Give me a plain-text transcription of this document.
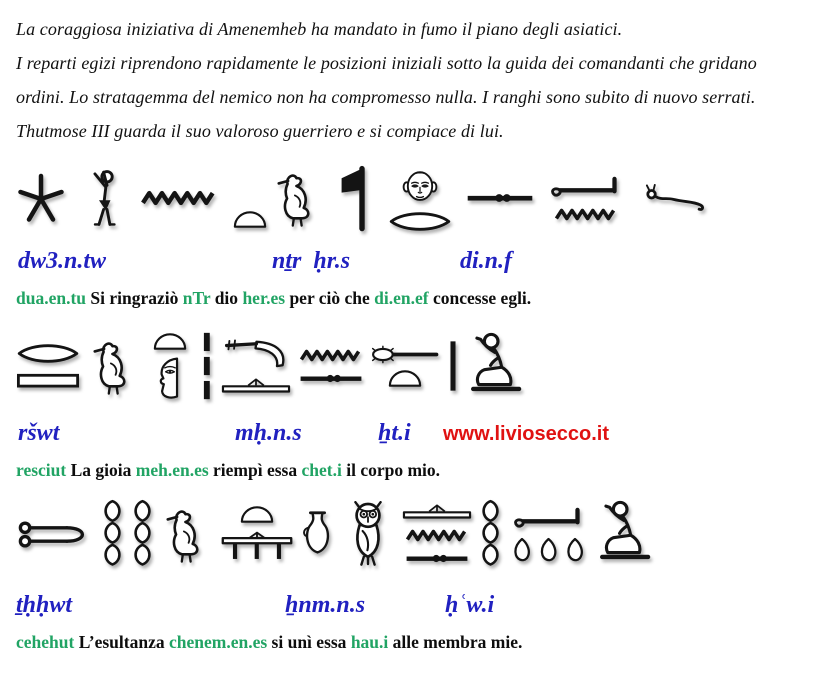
La coraggiosa iniziativa di Amenemheb ha mandato in fumo il piano degli asiatici.

I reparti egizi riprendono rapidamente le posizioni iniziali sotto la guida dei comandanti che gridano

ordini. Lo stratagemma del nemico non ha compromesso nulla. I ranghi sono subito di nuovo serrati.

Thutmose III guarda il suo valoroso guerriero e si compiace di lui.

dw3.n.tw	nṯr  ḥr.s	di.n.f

dua.en.tu Si ringraziò nTr dio her.es per ciò che di.en.ef concesse egli.

ršwt	mḥ.n.s	ẖt.i www.liviosecco.it

resciut La gioia meh.en.es riempì essa chet.i il corpo mio.

ṯḥḥwt	ẖnm.n.s	ḥʿw.i

cehehut L’esultanza chenem.en.es si unì essa hau.i alle membra mie.
